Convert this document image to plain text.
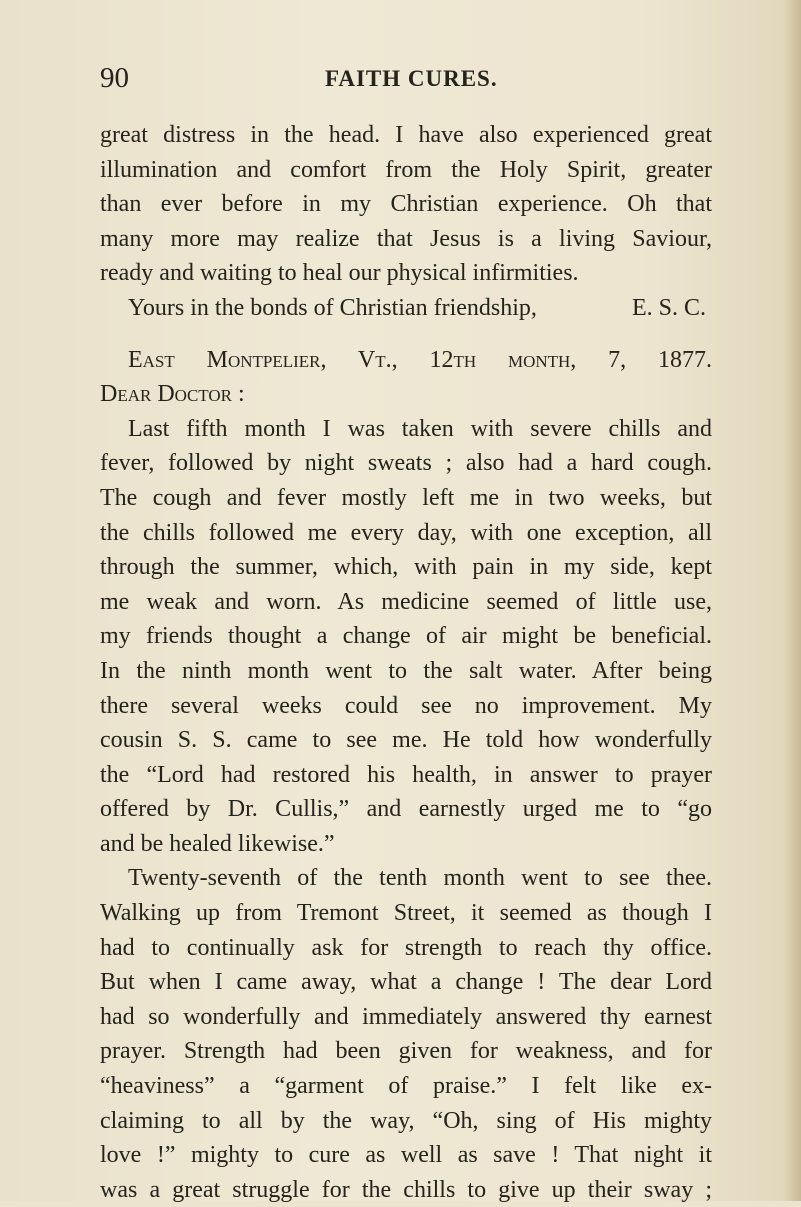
90	FAITH CURES.
great distress in the head. I have also experienced great
illumination and comfort from the Holy Spirit, greater
than ever before in my Christian experience. Oh that
many more may realize that Jesus is a living Saviour,
ready and waiting to heal our physical infirmities.
Yours in the bonds of Christian friendship,	E. S. C.
East Montpelier, Vt., 12th month, 7, 1877.
Dear Doctor :
Last fifth month I was taken with severe chills and
fever, followed by night sweats ; also had a hard cough.
The cough and fever mostly left me in two weeks, but
the chills followed me every day, with one exception, all
through the summer, which, with pain in my side, kept
me weak and worn. As medicine seemed of little use,
my friends thought a change of air might be beneficial.
In the ninth month went to the salt water. After being
there several weeks could see no improvement. My
cousin S. S. came to see me. He told how wonderfully
the “Lord had restored his health, in answer to prayer
offered by Dr. Cullis,” and earnestly urged me to “go
and be healed likewise.”
Twenty-seventh of the tenth month went to see thee.
Walking up from Tremont Street, it seemed as though I
had to continually ask for strength to reach thy office.
But when I came away, what a change ! The dear Lord
had so wonderfully and immediately answered thy earnest
prayer. Strength had been given for weakness, and for
“heaviness” a “garment of praise.” I felt like ex-
claiming to all by the way, “Oh, sing of His mighty
love !” mighty to cure as well as save ! That night it
was a great struggle for the chills to give up their sway ;
